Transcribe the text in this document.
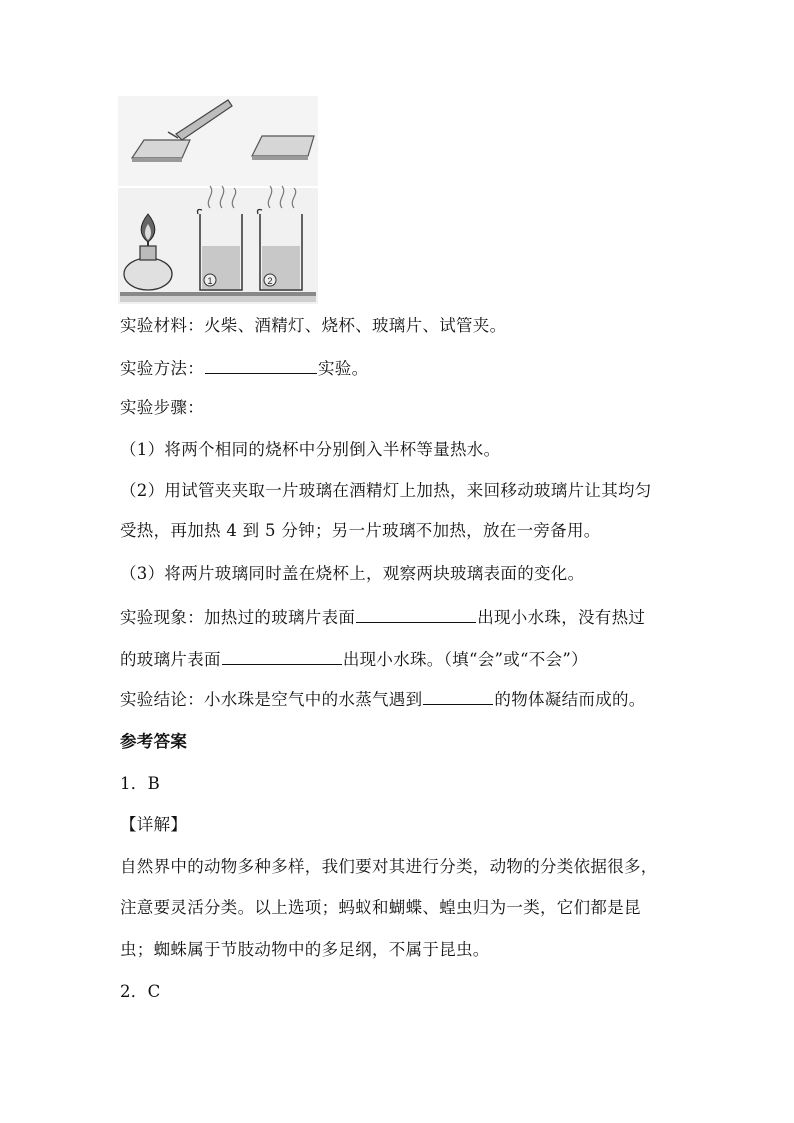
1	2
实验材料：火柴、酒精灯、烧杯、玻璃片、试管夹。
实验方法：	实验。
实验步骤：
（1）将两个相同的烧杯中分别倒入半杯等量热水。
（2）用试管夹夹取一片玻璃在酒精灯上加热，来回移动玻璃片让其均匀
受热，再加热 4 到 5 分钟；另一片玻璃不加热，放在一旁备用。
（3）将两片玻璃同时盖在烧杯上，观察两块玻璃表面的变化。
实验现象：加热过的玻璃片表面	出现小水珠，没有热过
的玻璃片表面	出现小水珠。（填“会”或“不会”）
实验结论：小水珠是空气中的水蒸气遇到	的物体凝结而成的。
参考答案
1．B
【详解】
自然界中的动物多种多样，我们要对其进行分类，动物的分类依据很多，
注意要灵活分类。以上选项；蚂蚁和蝴蝶、蝗虫归为一类，它们都是昆
虫；蜘蛛属于节肢动物中的多足纲，不属于昆虫。
2．C
